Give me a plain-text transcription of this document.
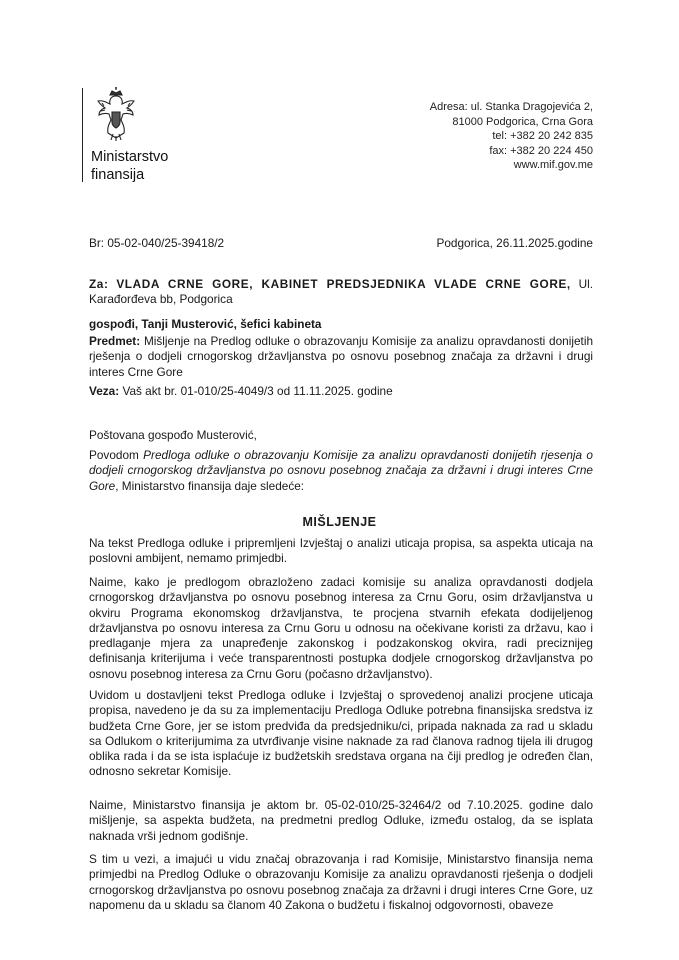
Ministarstvo
finansija
Adresa: ul. Stanka Dragojevića 2,
81000 Podgorica, Crna Gora
tel: +382 20 242 835
fax: +382 20 224 450
www.mif.gov.me
Br: 05-02-040/25-39418/2	Podgorica, 26.11.2025.godine
Za: VLADA CRNE GORE, KABINET PREDSJEDNIKA VLADE CRNE GORE, Ul.
Karađorđeva bb, Podgorica
gospođi, Tanji Musterović, šefici kabineta
Predmet: Mišljenje na Predlog odluke o obrazovanju Komisije za analizu opravdanosti donijetih rješenja o dodjeli crnogorskog državljanstva po osnovu posebnog značaja za državni i drugi interes Crne Gore
Veza: Vaš akt br. 01-010/25-4049/3 od 11.11.2025. godine
Poštovana gospođo Musterović,
Povodom Predloga odluke o obrazovanju Komisije za analizu opravdanosti donijetih rjesenja o dodjeli crnogorskog državljanstva po osnovu posebnog značaja za državni i drugi interes Crne Gore, Ministarstvo finansija daje sledeće:
MIŠLJENJE
Na tekst Predloga odluke i pripremljeni Izvještaj o analizi uticaja propisa, sa aspekta uticaja na poslovni ambijent, nemamo primjedbi.
Naime, kako je predlogom obrazloženo zadaci komisije su analiza opravdanosti dodjela crnogorskog državljanstva po osnovu posebnog interesa za Crnu Goru, osim državljanstva u okviru Programa ekonomskog državljanstva, te procjena stvarnih efekata dodijeljenog državljanstva po osnovu interesa za Crnu Goru u odnosu na očekivane koristi za državu, kao i predlaganje mjera za unapređenje zakonskog i podzakonskog okvira, radi preciznijeg definisanja kriterijuma i veće transparentnosti postupka dodjele crnogorskog državljanstva po osnovu posebnog interesa za Crnu Goru (počasno državljanstvo).
Uvidom u dostavljeni tekst Predloga odluke i Izvještaj o sprovedenoj analizi procjene uticaja propisa, navedeno je da su za implementaciju Predloga Odluke potrebna finansijska sredstva iz budžeta Crne Gore, jer se istom predviđa da predsjedniku/ci, pripada naknada za rad u skladu sa Odlukom o kriterijumima za utvrđivanje visine naknade za rad članova radnog tijela ili drugog oblika rada i da se ista isplaćuje iz budžetskih sredstava organa na čiji predlog je određen član, odnosno sekretar Komisije.
Naime, Ministarstvo finansija je aktom br. 05-02-010/25-32464/2 od 7.10.2025. godine dalo mišljenje, sa aspekta budžeta, na predmetni predlog Odluke, između ostalog, da se isplata naknada vrši jednom godišnje.
S tim u vezi, a imajući u vidu značaj obrazovanja i rad Komisije, Ministarstvo finansija nema primjedbi na Predlog Odluke o obrazovanju Komisije za analizu opravdanosti rješenja o dodjeli crnogorskog državljanstva po osnovu posebnog značaja za državni i drugi interes Crne Gore, uz napomenu da u skladu sa članom 40 Zakona o budžetu i fiskalnoj odgovornosti, obaveze
